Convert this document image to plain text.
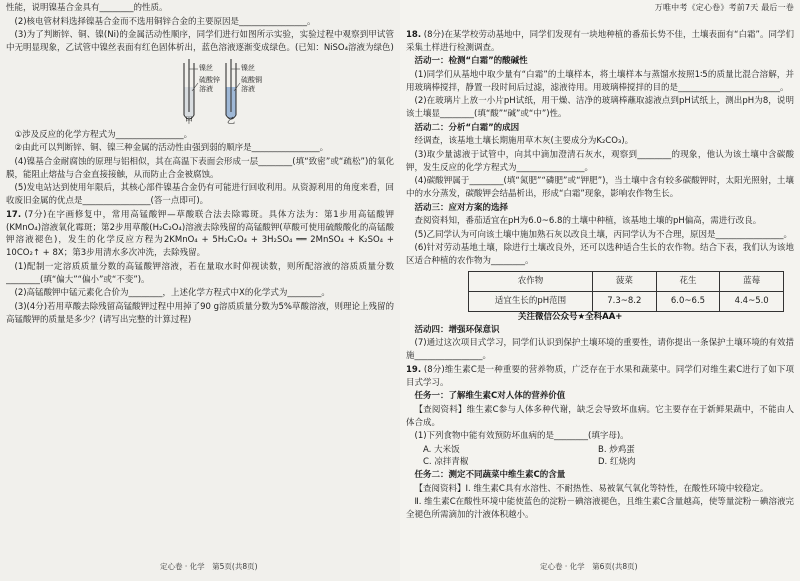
万唯中考《定心卷》考前7天 最后一卷

性能，说明镍基合金具有________的性质。

(2)核电管材料选择镍基合金而不选用铜锌合金的主要原因是________________。

(3)为了判断锌、铜、镍(Ni)的金属活动性顺序，同学们进行如图所示实验，实验过程中观察到甲试管中无明显现象，乙试管中镍丝表面有红色固体析出，蓝色溶液逐渐变成绿色。(已知：NiSO₄溶液为绿色)

镍丝
硫酸锌
溶液
甲
镍丝
硫酸铜
溶液
乙

①涉及反应的化学方程式为________________。

②由此可以判断锌、铜、镍三种金属的活动性由强到弱的顺序是________________。

(4)镍基合金耐腐蚀的原理与铝相似，其在高温下表面会形成一层________(填“致密”或“疏松”)的氧化膜，能阻止熔盐与合金直接接触，从而防止合金被腐蚀。

(5)发电站达到使用年限后，其核心部件镍基合金仍有可能进行回收利用。从资源利用的角度来看，回收废旧金属的优点是________________(答一点即可)。

17. (7分)在字画修复中，常用高锰酸钾—草酸联合法去除霉斑。具体方法为：第1步用高锰酸钾(KMnO₄)溶液氧化霉斑；第2步用草酸(H₂C₂O₄)溶液去除残留的高锰酸钾(草酸可使用硫酸酸化的高锰酸钾溶液褪色)，发生的化学反应方程为2KMnO₄ + 5H₂C₂O₄ + 3H₂SO₄ ══ 2MnSO₄ + K₂SO₄ + 10CO₂↑ + 8X；第3步用清水多次冲洗，去除残留。

(1)配制一定溶质质量分数的高锰酸钾溶液，若在量取水时仰视读数，则所配溶液的溶质质量分数________(填“偏大”“偏小”或“不变”)。

(2)高锰酸钾中锰元素化合价为________，上述化学方程式中X的化学式为________。

(3)(4分)若用草酸去除残留高锰酸钾过程中用掉了90 g溶质质量分数为5%草酸溶液，则理论上残留的高锰酸钾的质量是多少？(请写出完整的计算过程)

18. (8分)在某学校劳动基地中，同学们发现有一块地种植的番茄长势不佳，土壤表面有“白霜”。同学们采集土样进行检测调查。

活动一：检测“白霜”的酸碱性

(1)同学们从基地中取少量有“白霜”的土壤样本，将土壤样本与蒸馏水按照1∶5的质量比混合溶解，并用玻璃棒搅拌，静置一段时间后过滤，滤液待用。用玻璃棒搅拌的目的是________________________。

(2)在玻璃片上放一小片pH试纸，用干燥、洁净的玻璃棒蘸取滤液点到pH试纸上，测出pH为8，说明该土壤显________(填“酸”“碱”或“中”)性。

活动二：分析“白霜”的成因

经调查，该基地土壤长期施用草木灰(主要成分为K₂CO₃)。

(3)取少量滤液于试管中，向其中滴加澄清石灰水，观察到________的现象，他认为该土壤中含碳酸钾，发生反应的化学方程式为________________。

(4)碳酸钾属于________(填“氮肥”“磷肥”或“钾肥”)，当土壤中含有较多碳酸钾时，太阳光照射，土壤中的水分蒸发，碳酸钾会结晶析出，形成“白霜”现象，影响农作物生长。

活动三：应对方案的选择

查阅资料知，番茄适宜在pH为6.0~6.8的土壤中种植，该基地土壤的pH偏高，需进行改良。

(5)乙同学认为可向该土壤中施加熟石灰以改良土壤，丙同学认为不合理，原因是________________。

(6)针对劳动基地土壤，除进行土壤改良外，还可以选种适合生长的农作物。结合下表，我们认为该地区适合种植的农作物为________。

农作物	菠菜	花生	蓝莓
适宜生长的pH范围	7.3~8.2	6.0~6.5	4.4~5.0
关注微信公众号★全科AA+

活动四：增强环保意识

(7)通过这次项目式学习，同学们认识到保护土壤环境的重要性，请你提出一条保护土壤环境的有效措施________________。

19. (8分)维生素C是一种重要的营养物质，广泛存在于水果和蔬菜中。同学们对维生素C进行了如下项目式学习。

任务一：了解维生素C对人体的营养价值

【查阅资料】维生素C参与人体多种代谢，缺乏会导致坏血病。它主要存在于新鲜果蔬中，不能由人体合成。

(1)下列食物中能有效预防坏血病的是________(填字母)。

A. 大米饭	B. 炒鸡蛋
C. 凉拌青椒	D. 红烧肉

任务二：测定不同蔬菜中维生素C的含量

【查阅资料】Ⅰ. 维生素C具有水溶性、不耐热性、易被氧气氧化等特性，在酸性环境中较稳定。

Ⅱ. 维生素C在酸性环境中能使蓝色的淀粉－碘溶液褪色，且维生素C含量越高，使等量淀粉－碘溶液完全褪色所需滴加的汁液体积越小。

定心卷 · 化学　第5页(共8页)	定心卷 · 化学　第6页(共8页)
